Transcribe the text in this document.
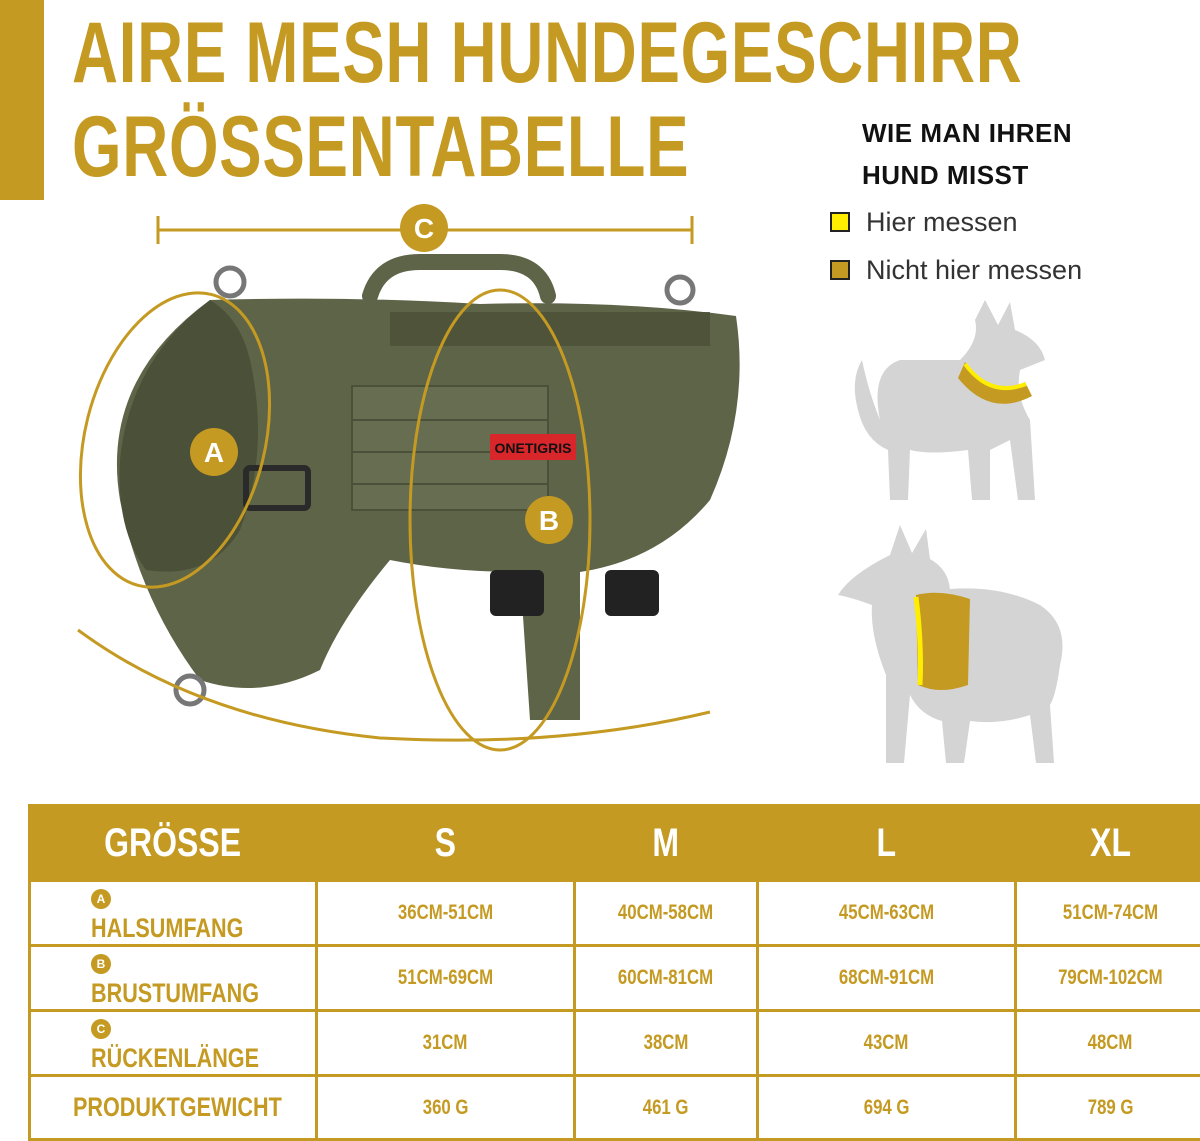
AIRE MESH HUNDEGESCHIRR
GRÖSSENTABELLE	WIE MAN IHREN
HUND MISST
Hier messen
Nicht hier messen
ONETIGRIS
C
A
B
GRÖSSE	S	M	L	XL
AHALSUMFANG	36CM-51CM	40CM-58CM	45CM-63CM	51CM-74CM
BBRUSTUMFANG	51CM-69CM	60CM-81CM	68CM-91CM	79CM-102CM
CRÜCKENLÄNGE	31CM	38CM	43CM	48CM
PRODUKTGEWICHT	360 G	461 G	694 G	789 G
